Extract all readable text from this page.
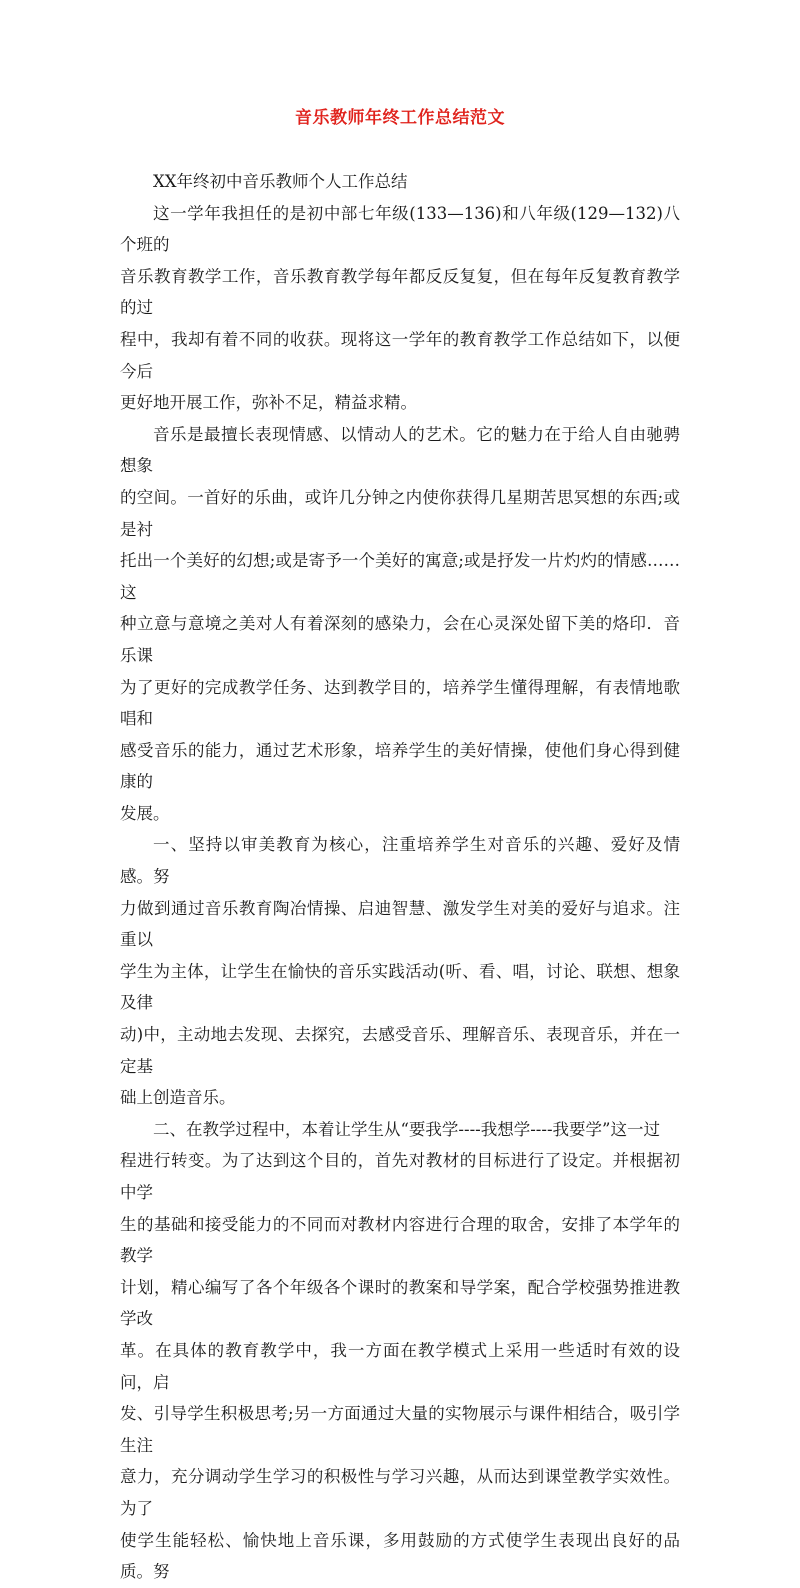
音乐教师年终工作总结范文

XX年终初中音乐教师个人工作总结

这一学年我担任的是初中部七年级(133—136)和八年级(129—132)八个班的
音乐教育教学工作，音乐教育教学每年都反反复复，但在每年反复教育教学的过
程中，我却有着不同的收获。现将这一学年的教育教学工作总结如下，以便今后
更好地开展工作，弥补不足，精益求精。

音乐是最擅长表现情感、以情动人的艺术。它的魅力在于给人自由驰骋想象
的空间。一首好的乐曲，或许几分钟之内使你获得几星期苦思冥想的东西;或是衬
托出一个美好的幻想;或是寄予一个美好的寓意;或是抒发一片灼灼的情感……这
种立意与意境之美对人有着深刻的感染力，会在心灵深处留下美的烙印．音乐课
为了更好的完成教学任务、达到教学目的，培养学生懂得理解，有表情地歌唱和
感受音乐的能力，通过艺术形象，培养学生的美好情操，使他们身心得到健康的
发展。

一、坚持以审美教育为核心，注重培养学生对音乐的兴趣、爱好及情感。努
力做到通过音乐教育陶冶情操、启迪智慧、激发学生对美的爱好与追求。注重以
学生为主体，让学生在愉快的音乐实践活动(听、看、唱，讨论、联想、想象及律
动)中，主动地去发现、去探究，去感受音乐、理解音乐、表现音乐，并在一定基
础上创造音乐。

二、在教学过程中，本着让学生从“要我学----我想学----我要学”这一过
程进行转变。为了达到这个目的，首先对教材的目标进行了设定。并根据初中学
生的基础和接受能力的不同而对教材内容进行合理的取舍，安排了本学年的教学
计划，精心编写了各个年级各个课时的教案和导学案，配合学校强势推进教学改
革。在具体的教育教学中，我一方面在教学模式上采用一些适时有效的设问，启
发、引导学生积极思考;另一方面通过大量的实物展示与课件相结合，吸引学生注
意力，充分调动学生学习的积极性与学习兴趣，从而达到课堂教学实效性。为了
使学生能轻松、愉快地上音乐课，多用鼓励的方式使学生表现出良好的品质。努
